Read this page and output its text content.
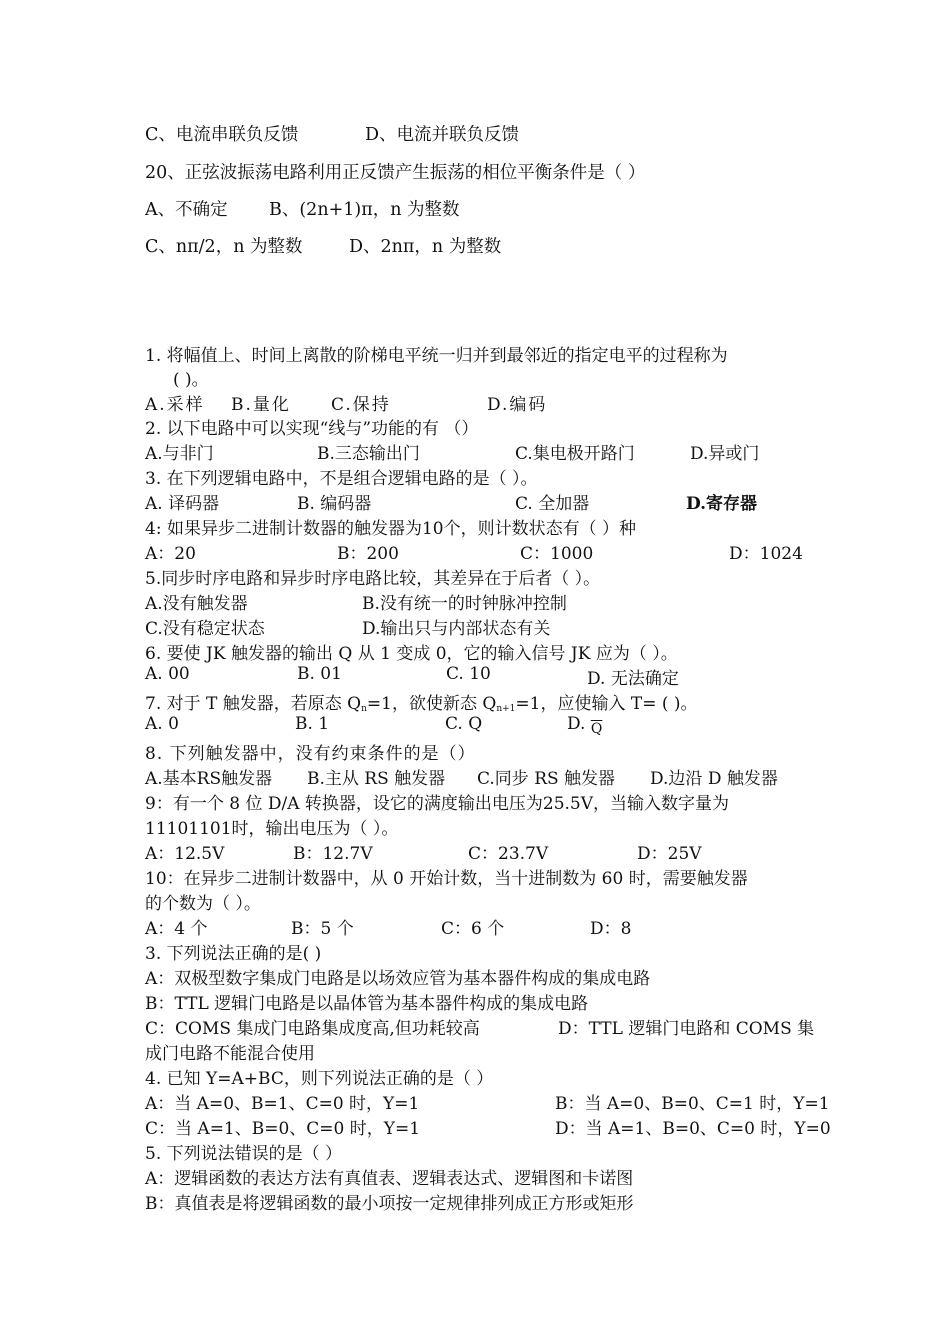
C、电流串联负反馈	D、电流并联负反馈
20、正弦波振荡电路利用正反馈产生振荡的相位平衡条件是（ ）
A、不确定 B、(2n+1)π，n 为整数
C、nπ/2，n 为整数	D、2nπ，n 为整数
1. 将幅值上、时间上离散的阶梯电平统一归并到最邻近的指定电平的过程称为
( )。
A.采样 B.量化 C.保持	D.编码
2. 以下电路中可以实现“线与”功能的有 （）
A.与非门	B.三态输出门	C.集电极开路门	D.异或门
3. 在下列逻辑电路中，不是组合逻辑电路的是（ ）。
A. 译码器	B. 编码器	C. 全加器	D.寄存器
4: 如果异步二进制计数器的触发器为10个，则计数状态有（ ）种
A：20	B：200	C：1000	D：1024
5.同步时序电路和异步时序电路比较，其差异在于后者（ ）。
A.没有触发器	B.没有统一的时钟脉冲控制
C.没有稳定状态	D.输出只与内部状态有关
6. 要使 JK 触发器的输出 Q 从 1 变成 0，它的输入信号 JK 应为（ ）。
A. 00	B. 01	C. 10	D. 无法确定
7. 对于 T 触发器，若原态 $Q_n=1$，欲使新态 $Q_{n+1}=1$，应使输入 T= ( )。
A. 0	B. 1	C. Q	D. $_{\overline{Q}}$
8. 下列触发器中，没有约束条件的是（）
A.基本RS触发器 B.主从 RS 触发器 C.同步 RS 触发器 D.边沿 D 触发器
9：有一个 8 位 D/A 转换器，设它的满度输出电压为25.5V，当输入数字量为
11101101时，输出电压为（ ）。
A：12.5V	B：12.7V	C：23.7V	D：25V
10：在异步二进制计数器中，从 0 开始计数，当十进制数为 60 时，需要触发器
的个数为（ ）。
A：4 个	B：5 个	C：6 个	D：8
3. 下列说法正确的是( )
A：双极型数字集成门电路是以场效应管为基本器件构成的集成电路
B：TTL 逻辑门电路是以晶体管为基本器件构成的集成电路
C：COMS 集成门电路集成度高,但功耗较高	D：TTL 逻辑门电路和 COMS 集
成门电路不能混合使用
4. 已知 Y=A+BC，则下列说法正确的是（ ）
A：当 A=0、B=1、C=0 时，Y=1	B：当 A=0、B=0、C=1 时，Y=1
C：当 A=1、B=0、C=0 时，Y=1	D：当 A=1、B=0、C=0 时，Y=0
5. 下列说法错误的是（ ）
A：逻辑函数的表达方法有真值表、逻辑表达式、逻辑图和卡诺图
B：真值表是将逻辑函数的最小项按一定规律排列成正方形或矩形
